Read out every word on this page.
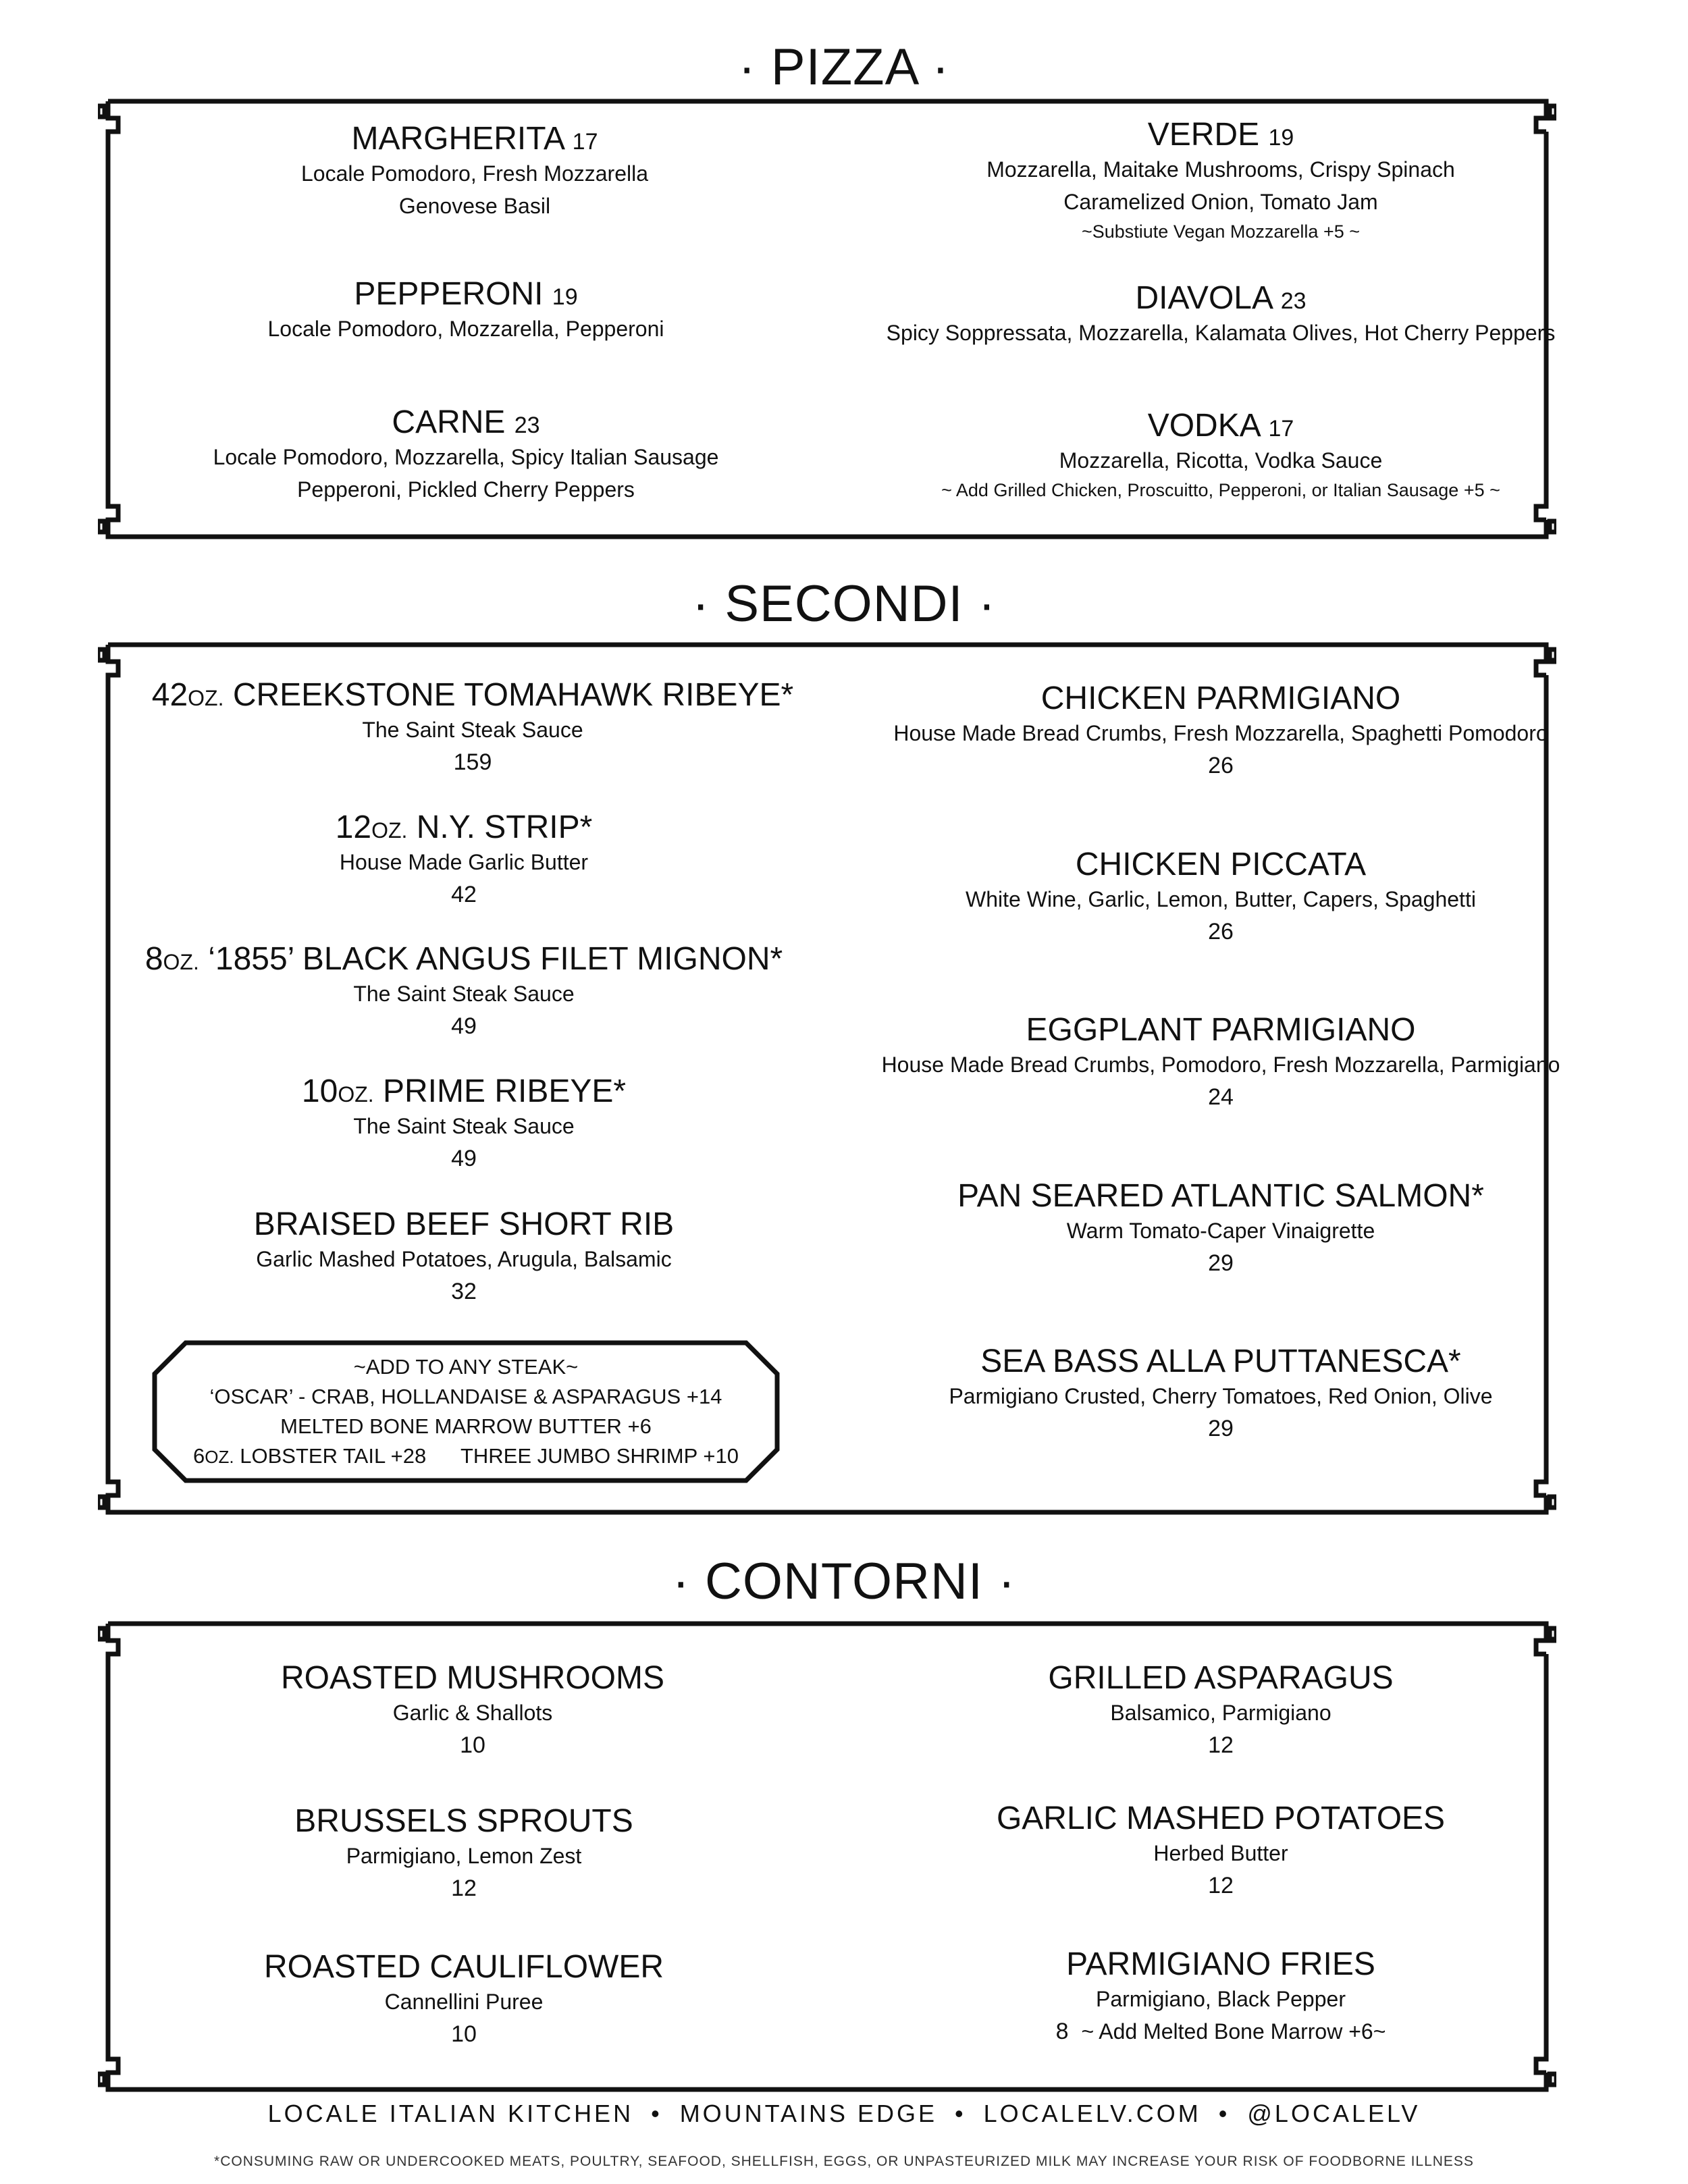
· PIZZA ·
MARGHERITA 17
Locale Pomodoro, Fresh Mozzarella
Genovese Basil
VERDE 19
Mozzarella, Maitake Mushrooms, Crispy Spinach
Caramelized Onion, Tomato Jam
~Substiute Vegan Mozzarella +5 ~
PEPPERONI 19
Locale Pomodoro, Mozzarella, Pepperoni
DIAVOLA 23
Spicy Soppressata, Mozzarella, Kalamata Olives, Hot Cherry Peppers
CARNE 23
Locale Pomodoro, Mozzarella, Spicy Italian Sausage
Pepperoni, Pickled Cherry Peppers
VODKA 17
Mozzarella, Ricotta, Vodka Sauce
~ Add Grilled Chicken, Proscuitto, Pepperoni, or Italian Sausage +5 ~
· SECONDI ·
42OZ. CREEKSTONE TOMAHAWK RIBEYE*
The Saint Steak Sauce
159
12OZ. N.Y. STRIP*
House Made Garlic Butter
42
8OZ. ‘1855’ BLACK ANGUS FILET MIGNON*
The Saint Steak Sauce
49
10OZ. PRIME RIBEYE*
The Saint Steak Sauce
49
BRAISED BEEF SHORT RIB
Garlic Mashed Potatoes, Arugula, Balsamic
32
~ADD TO ANY STEAK~
‘OSCAR’ - CRAB, HOLLANDAISE & ASPARAGUS +14
MELTED BONE MARROW BUTTER +6
6OZ. LOBSTER TAIL +28 THREE JUMBO SHRIMP +10
CHICKEN PARMIGIANO
House Made Bread Crumbs, Fresh Mozzarella, Spaghetti Pomodoro
26
CHICKEN PICCATA
White Wine, Garlic, Lemon, Butter, Capers, Spaghetti
26
EGGPLANT PARMIGIANO
House Made Bread Crumbs, Pomodoro, Fresh Mozzarella, Parmigiano
24
PAN SEARED ATLANTIC SALMON*
Warm Tomato-Caper Vinaigrette
29
SEA BASS ALLA PUTTANESCA*
Parmigiano Crusted, Cherry Tomatoes, Red Onion, Olive
29
· CONTORNI ·
ROASTED MUSHROOMS
Garlic & Shallots
10
GRILLED ASPARAGUS
Balsamico, Parmigiano
12
BRUSSELS SPROUTS
Parmigiano, Lemon Zest
12
GARLIC MASHED POTATOES
Herbed Butter
12
ROASTED CAULIFLOWER
Cannellini Puree
10
PARMIGIANO FRIES
Parmigiano, Black Pepper
8 ~ Add Melted Bone Marrow +6~
LOCALE ITALIAN KITCHEN • MOUNTAINS EDGE • LOCALELV.COM • @LOCALELV
*CONSUMING RAW OR UNDERCOOKED MEATS, POULTRY, SEAFOOD, SHELLFISH, EGGS, OR UNPASTEURIZED MILK MAY INCREASE YOUR RISK OF FOODBORNE ILLNESS
